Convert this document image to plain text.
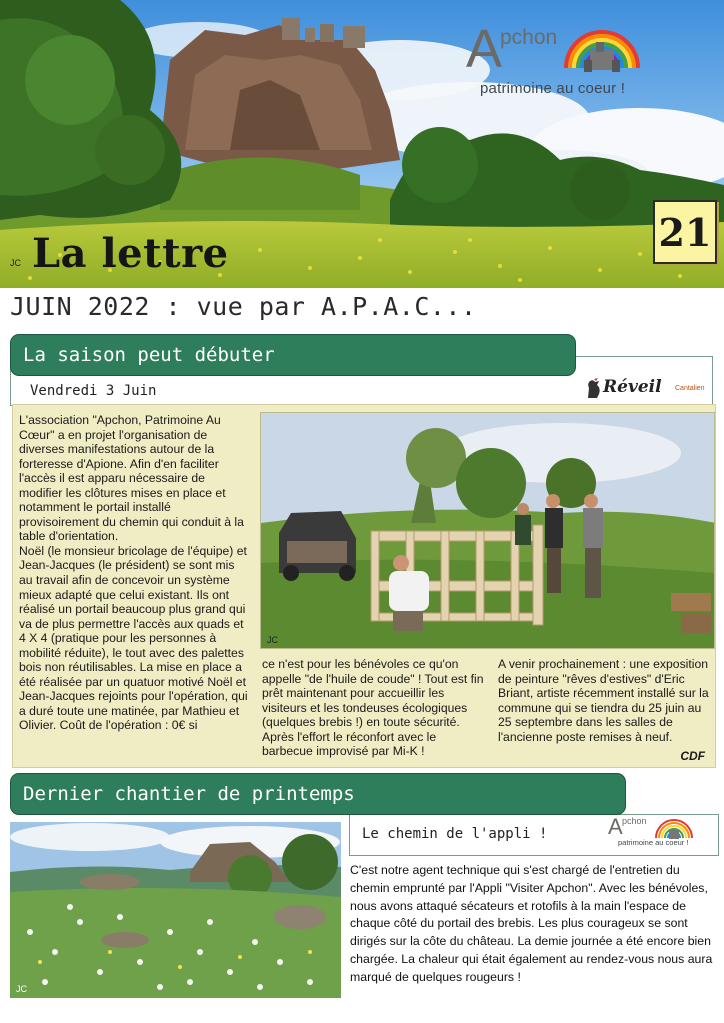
A
pchon
patrimoine au coeur !
JC La lettre	21
JUIN 2022 : vue par A.P.A.C...
La saison peut débuter
Vendredi 3 Juin	Réveil Cantalien

L'association "Apchon, Patrimoine Au Cœur" a en projet l'organisation de diverses manifestations autour de la forteresse d'Apione. Afin d'en faciliter l'accès il est apparu nécessaire de modifier les clôtures mises en place et notamment le portail installé provisoirement du chemin qui conduit à la table d'orientation.

Noël (le monsieur bricolage de l'équipe) et Jean-Jacques (le président) se sont mis au travail afin de concevoir un système mieux adapté que celui existant. Ils ont réalisé un portail beaucoup plus grand qui va de plus permettre l'accès aux quads et 4 X 4 (pratique pour les personnes à mobilité réduite), le tout avec des palettes bois non réutilisables. La mise en place a été réalisée par un quatuor motivé Noël et Jean-Jacques rejoints pour l'opération, qui a duré toute une matinée, par Mathieu et Olivier. Coût de l'opération : 0€ si

JC

ce n'est pour les bénévoles ce qu'on appelle "de l'huile de coude" ! Tout est fin prêt maintenant pour accueillir les visiteurs et les tondeuses écologiques (quelques brebis !) en toute sécurité. Après l'effort le réconfort avec le barbecue improvisé par Mi-K !

A venir prochainement : une exposition de peinture "rêves d'estives" d'Eric Briant, artiste récemment installé sur la commune qui se tiendra du 25 juin au 25 septembre dans les salles de l'ancienne poste remises à neuf.

CDF
Dernier chantier de printemps
JC
Le chemin de l'appli !	A pchon
patrimoine au coeur !
C'est notre agent technique qui s'est chargé de l'entretien du chemin emprunté par l'Appli "Visiter Apchon". Avec les bénévoles, nous avons attaqué sécateurs et rotofils à la main l'espace de chaque côté du portail des brebis. Les plus courageux se sont dirigés sur la côte du château. La demie journée a été encore bien chargée. La chaleur qui était également au rendez-vous nous aura marqué de quelques rougeurs !
